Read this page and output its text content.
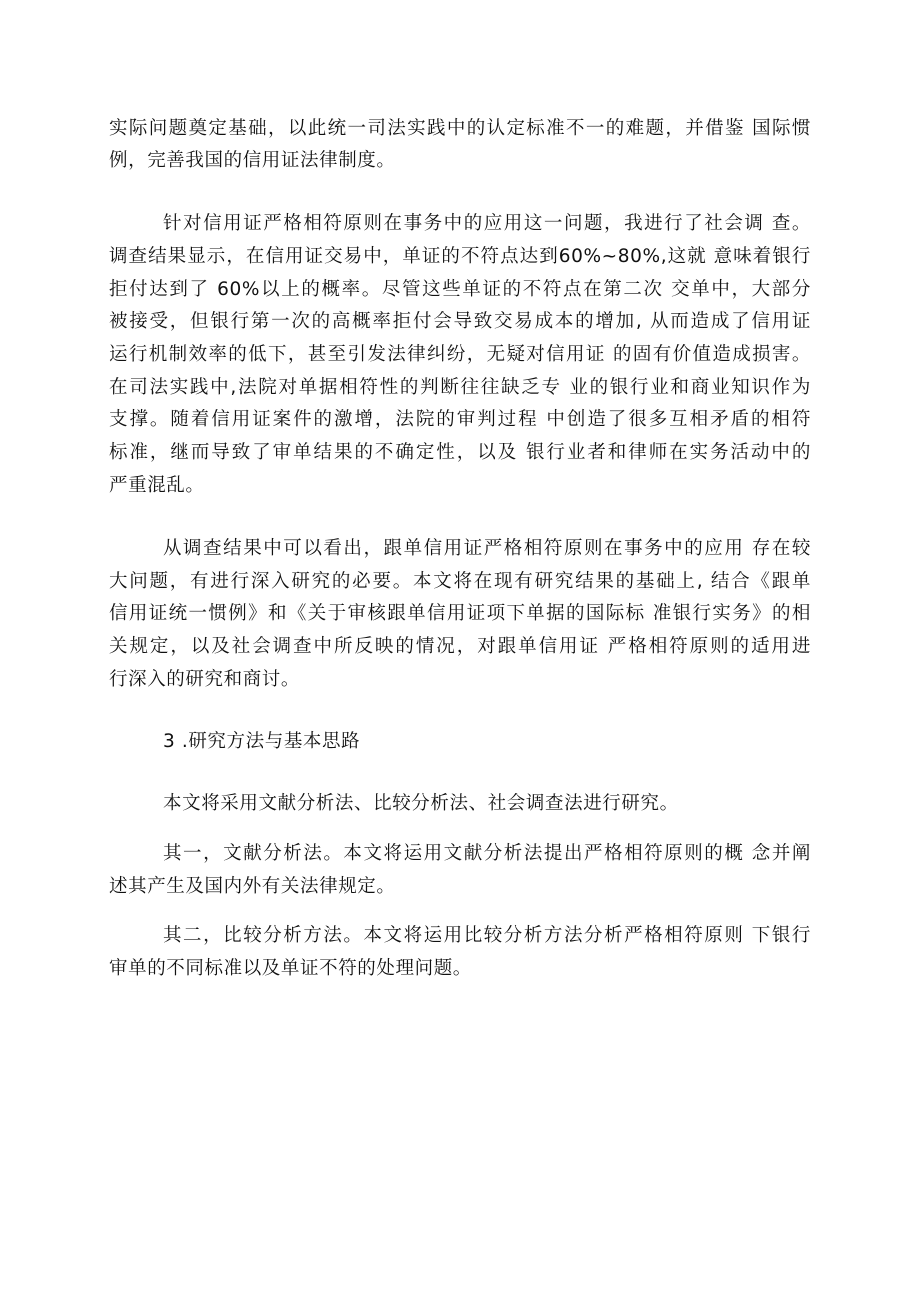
实际问题奠定基础，以此统一司法实践中的认定标准不一的难题，并借鉴 国际惯
例，完善我国的信用证法律制度。
针对信用证严格相符原则在事务中的应用这一问题，我进行了社会调 查。
调查结果显示，在信用证交易中，单证的不符点达到60%~80%,这就 意味着银行
拒付达到了 60%以上的概率。尽管这些单证的不符点在第二次 交单中，大部分
被接受，但银行第一次的高概率拒付会导致交易成本的增加, 从而造成了信用证
运行机制效率的低下，甚至引发法律纠纷，无疑对信用证 的固有价值造成损害。
在司法实践中,法院对单据相符性的判断往往缺乏专 业的银行业和商业知识作为
支撑。随着信用证案件的激增，法院的审判过程 中创造了很多互相矛盾的相符
标准，继而导致了审单结果的不确定性，以及 银行业者和律师在实务活动中的
严重混乱。
从调查结果中可以看出，跟单信用证严格相符原则在事务中的应用 存在较
大问题，有进行深入研究的必要。本文将在现有研究结果的基础上, 结合《跟单
信用证统一惯例》和《关于审核跟单信用证项下单据的国际标 准银行实务》的相
关规定，以及社会调查中所反映的情况，对跟单信用证 严格相符原则的适用进
行深入的研究和商讨。
3 .研究方法与基本思路
本文将采用文献分析法、比较分析法、社会调查法进行研究。
其一，文献分析法。本文将运用文献分析法提出严格相符原则的概 念并阐
述其产生及国内外有关法律规定。
其二，比较分析方法。本文将运用比较分析方法分析严格相符原则 下银行
审单的不同标准以及单证不符的处理问题。
